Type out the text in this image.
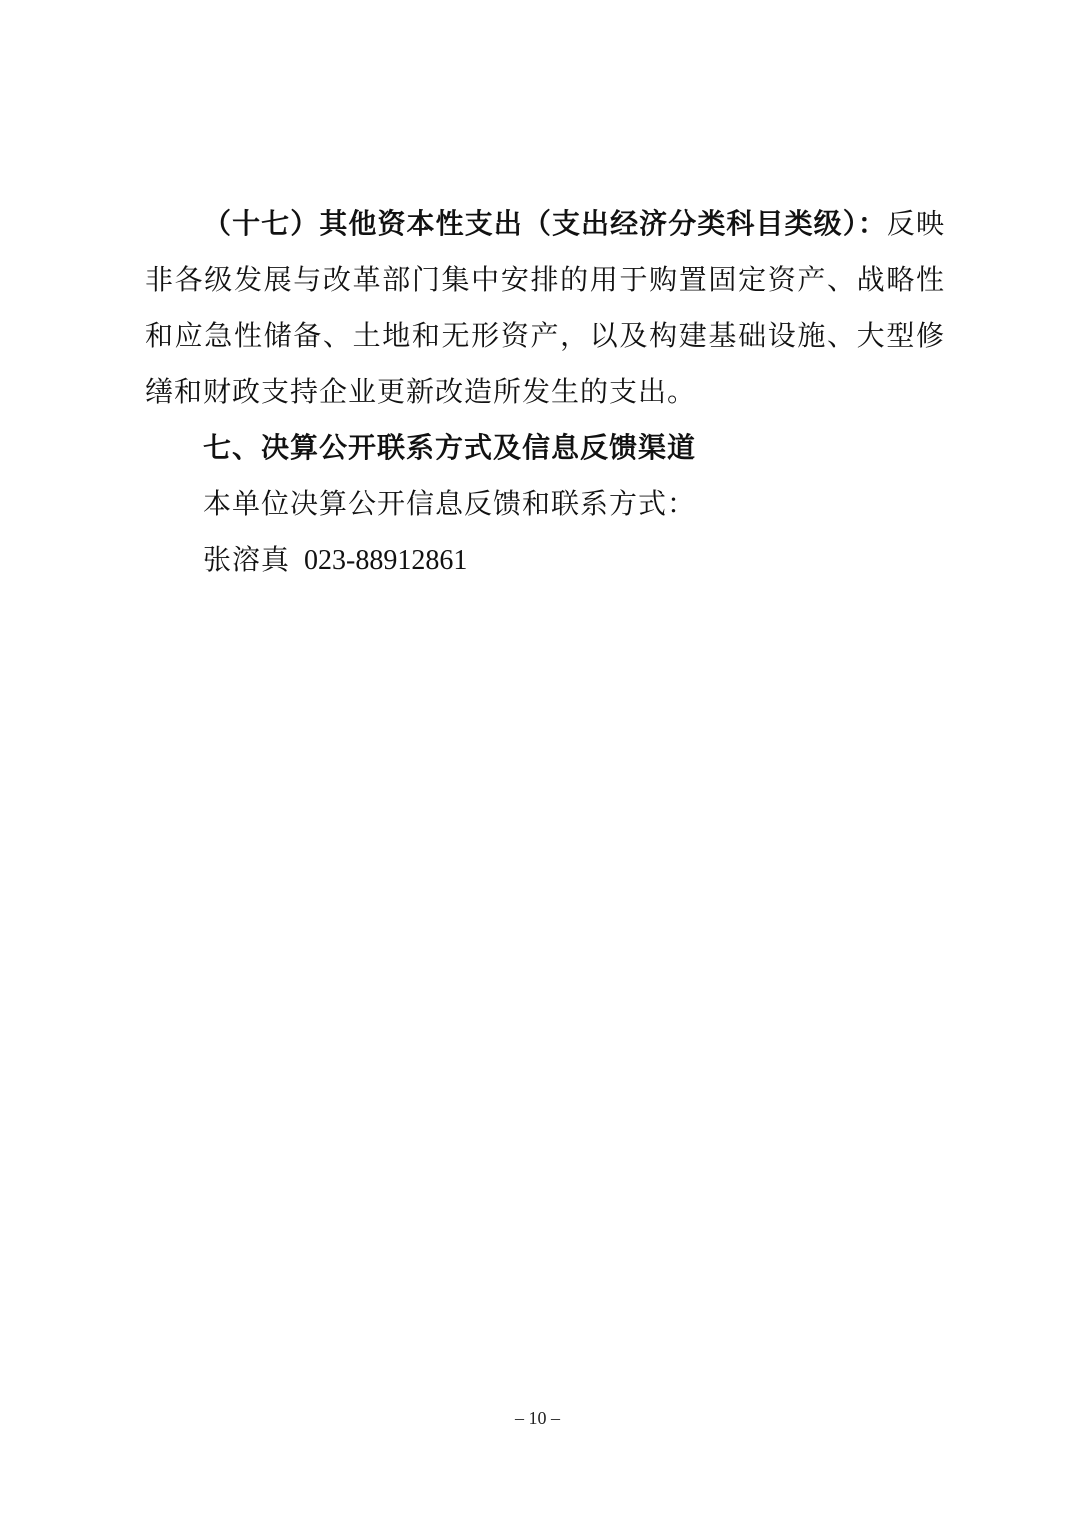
（十七）其他资本性支出（支出经济分类科目类级）：反映非各级发展与改革部门集中安排的用于购置固定资产、战略性和应急性储备、土地和无形资产，以及构建基础设施、大型修缮和财政支持企业更新改造所发生的支出。

七、决算公开联系方式及信息反馈渠道

本单位决算公开信息反馈和联系方式：

张溶真 023-88912861

– 10 –
